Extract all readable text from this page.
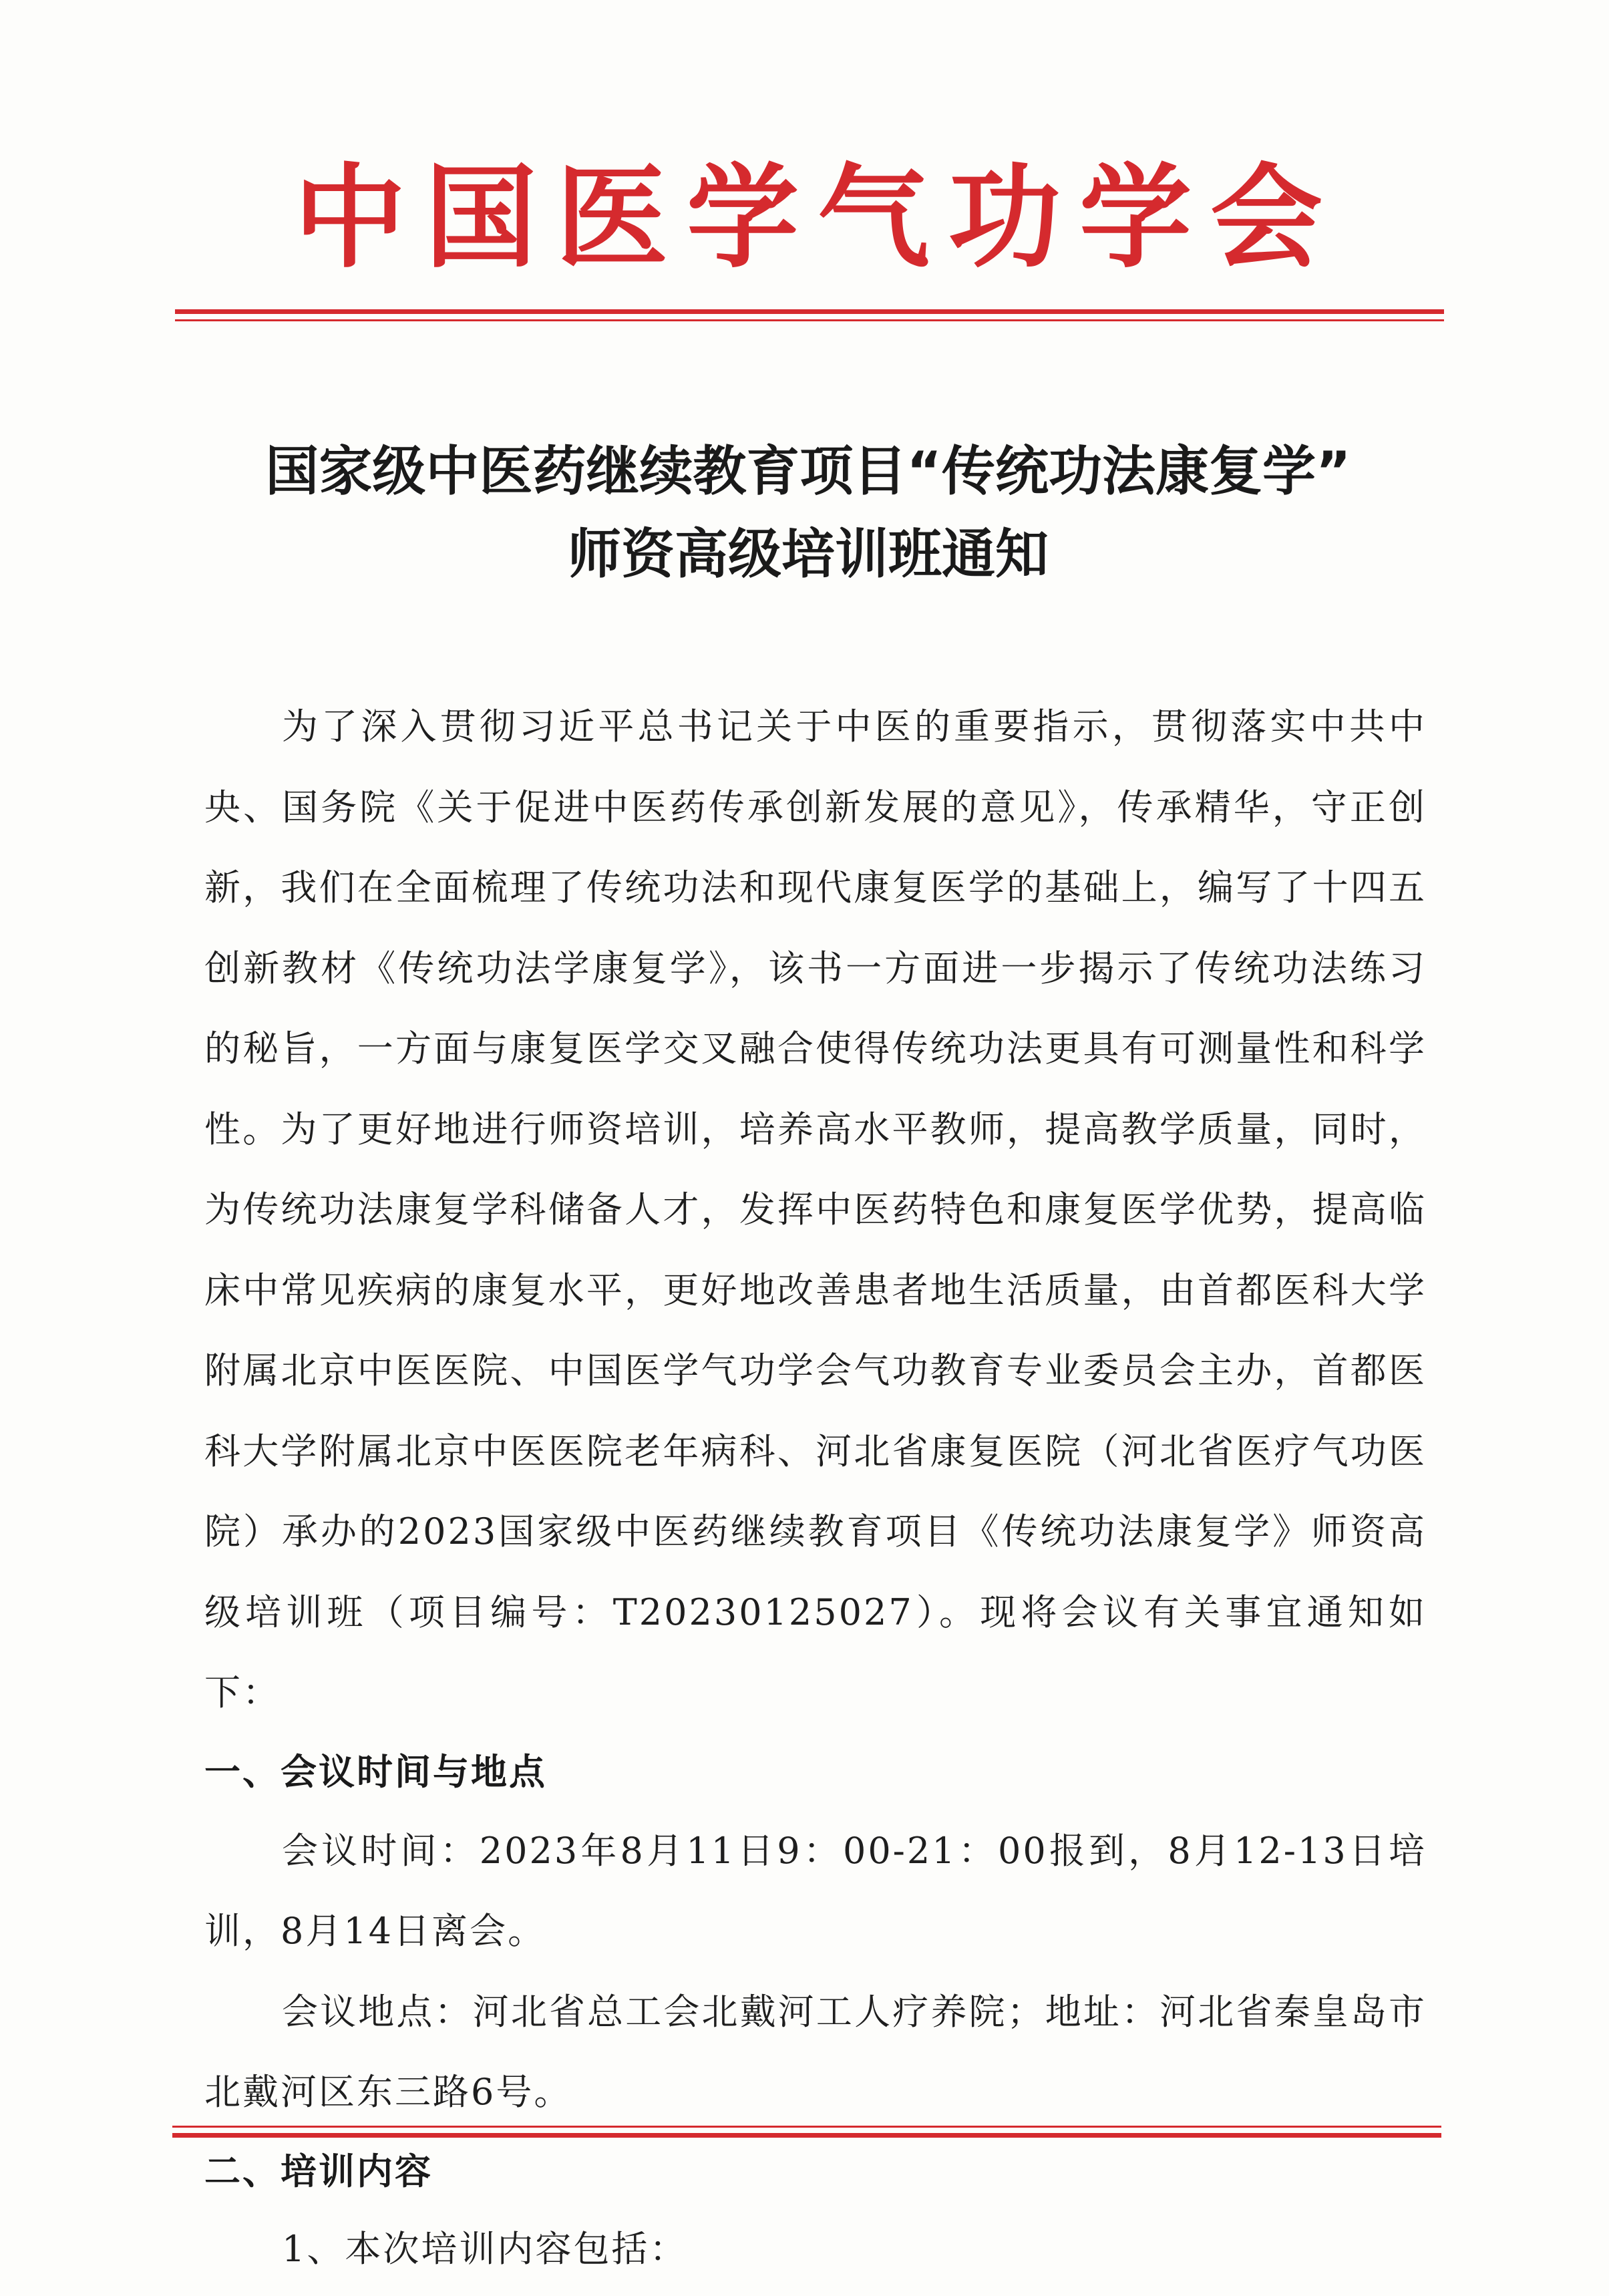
中 国 医 学 气 功 学 会
国家级中医药继续教育项目“传统功法康复学”
师资高级培训班通知

为了深入贯彻习近平总书记关于中医的重要指示，贯彻落实中共中央、国务院《关于促进中医药传承创新发展的意见》，传承精华，守正创新，我们在全面梳理了传统功法和现代康复医学的基础上，编写了十四五创新教材《传统功法学康复学》，该书一方面进一步揭示了传统功法练习的秘旨，一方面与康复医学交叉融合使得传统功法更具有可测量性和科学性。为了更好地进行师资培训，培养高水平教师，提高教学质量，同时，为传统功法康复学科储备人才，发挥中医药特色和康复医学优势，提高临床中常见疾病的康复水平，更好地改善患者地生活质量，由首都医科大学附属北京中医医院、中国医学气功学会气功教育专业委员会主办，首都医科大学附属北京中医医院老年病科、河北省康复医院（河北省医疗气功医院）承办的2023国家级中医药继续教育项目《传统功法康复学》师资高级培训班（项目编号：T20230125027）。现将会议有关事宜通知如下：

一、会议时间与地点

会议时间：2023年8月11日9：00-21：00报到，8月12-13日培训，8月14日离会。

会议地点：河北省总工会北戴河工人疗养院；地址：河北省秦皇岛市北戴河区东三路6号。

二、培训内容

1、本次培训内容包括：
